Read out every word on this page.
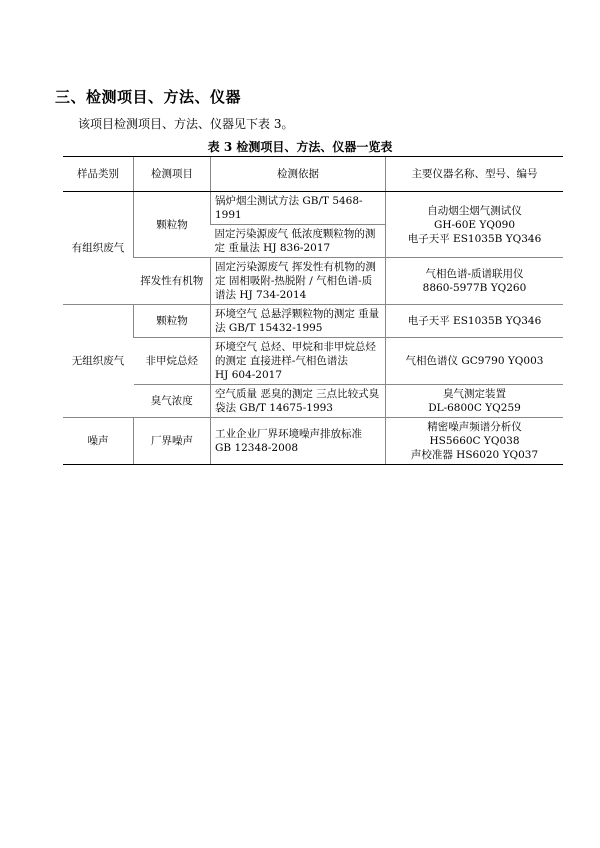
三、检测项目、方法、仪器

该项目检测项目、方法、仪器见下表 3。

表 3 检测项目、方法、仪器一览表

样品类别	检测项目	检测依据	主要仪器名称、型号、编号
有组织废气	颗粒物	锅炉烟尘测试方法 GB/T 5468-1991	自动烟尘烟气测试仪
GH-60E YQ090
电子天平 ES1035B YQ346

		固定污染源废气 低浓度颗粒物的测定 重量法 HJ 836-2017	
	挥发性有机物	固定污染源废气 挥发性有机物的测定 固相吸附-热脱附 / 气相色谱-质谱法 HJ 734-2014	气相色谱-质谱联用仪
8860-5977B YQ260

无组织废气	颗粒物	环境空气 总悬浮颗粒物的测定 重量法 GB/T 15432-1995	电子天平 ES1035B YQ346

	非甲烷总烃	环境空气 总烃、甲烷和非甲烷总烃的测定 直接进样-气相色谱法
HJ 604-2017	气相色谱仪 GC9790 YQ003

	臭气浓度	空气质量 恶臭的测定 三点比较式臭袋法 GB/T 14675-1993	臭气测定装置
DL-6800C YQ259

噪声	厂界噪声	工业企业厂界环境噪声排放标准
GB 12348-2008	精密噪声频谱分析仪
HS5660C YQ038
声校准器 HS6020 YQ037
